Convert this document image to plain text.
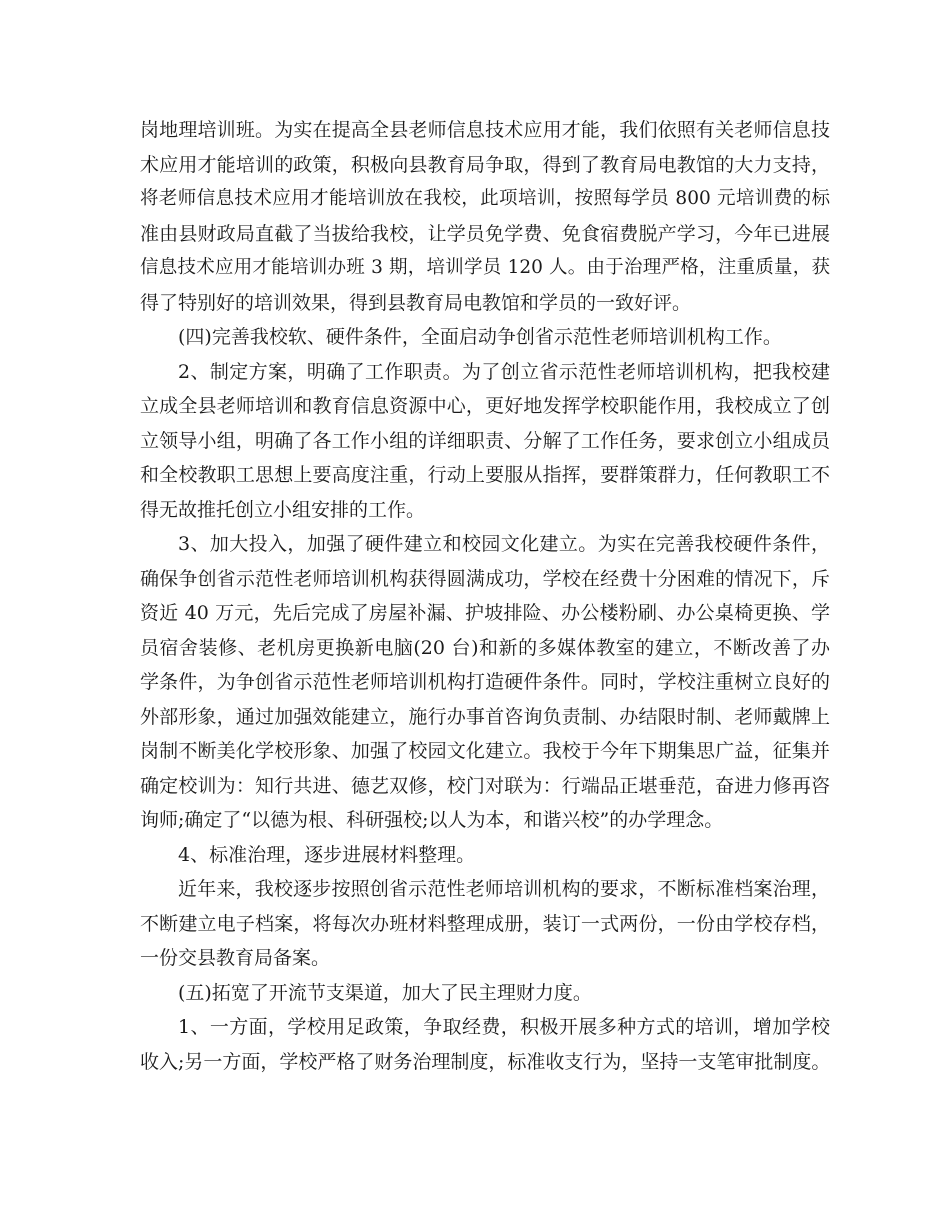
岗地理培训班。为实在提高全县老师信息技术应用才能，我们依照有关老师信息技
术应用才能培训的政策，积极向县教育局争取，得到了教育局电教馆的大力支持，
将老师信息技术应用才能培训放在我校，此项培训，按照每学员 800 元培训费的标
准由县财政局直截了当拔给我校，让学员免学费、免食宿费脱产学习，今年已进展
信息技术应用才能培训办班 3 期，培训学员 120 人。由于治理严格，注重质量，获
得了特别好的培训效果，得到县教育局电教馆和学员的一致好评。
(四)完善我校软、硬件条件，全面启动争创省示范性老师培训机构工作。
2、制定方案，明确了工作职责。为了创立省示范性老师培训机构，把我校建
立成全县老师培训和教育信息资源中心，更好地发挥学校职能作用，我校成立了创
立领导小组，明确了各工作小组的详细职责、分解了工作任务，要求创立小组成员
和全校教职工思想上要高度注重，行动上要服从指挥，要群策群力，任何教职工不
得无故推托创立小组安排的工作。
3、加大投入，加强了硬件建立和校园文化建立。为实在完善我校硬件条件，
确保争创省示范性老师培训机构获得圆满成功，学校在经费十分困难的情况下，斥
资近 40 万元，先后完成了房屋补漏、护坡排险、办公楼粉刷、办公桌椅更换、学
员宿舍装修、老机房更换新电脑(20 台)和新的多媒体教室的建立，不断改善了办
学条件，为争创省示范性老师培训机构打造硬件条件。同时，学校注重树立良好的
外部形象，通过加强效能建立，施行办事首咨询负责制、办结限时制、老师戴牌上
岗制不断美化学校形象、加强了校园文化建立。我校于今年下期集思广益，征集并
确定校训为：知行共进、德艺双修，校门对联为：行端品正堪垂范，奋进力修再咨
询师;确定了“以德为根、科研强校;以人为本，和谐兴校”的办学理念。
4、标准治理，逐步进展材料整理。
近年来，我校逐步按照创省示范性老师培训机构的要求，不断标准档案治理，
不断建立电子档案，将每次办班材料整理成册，装订一式两份，一份由学校存档，
一份交县教育局备案。
(五)拓宽了开流节支渠道，加大了民主理财力度。
1、一方面，学校用足政策，争取经费，积极开展多种方式的培训，增加学校
收入;另一方面，学校严格了财务治理制度，标准收支行为，坚持一支笔审批制度。
